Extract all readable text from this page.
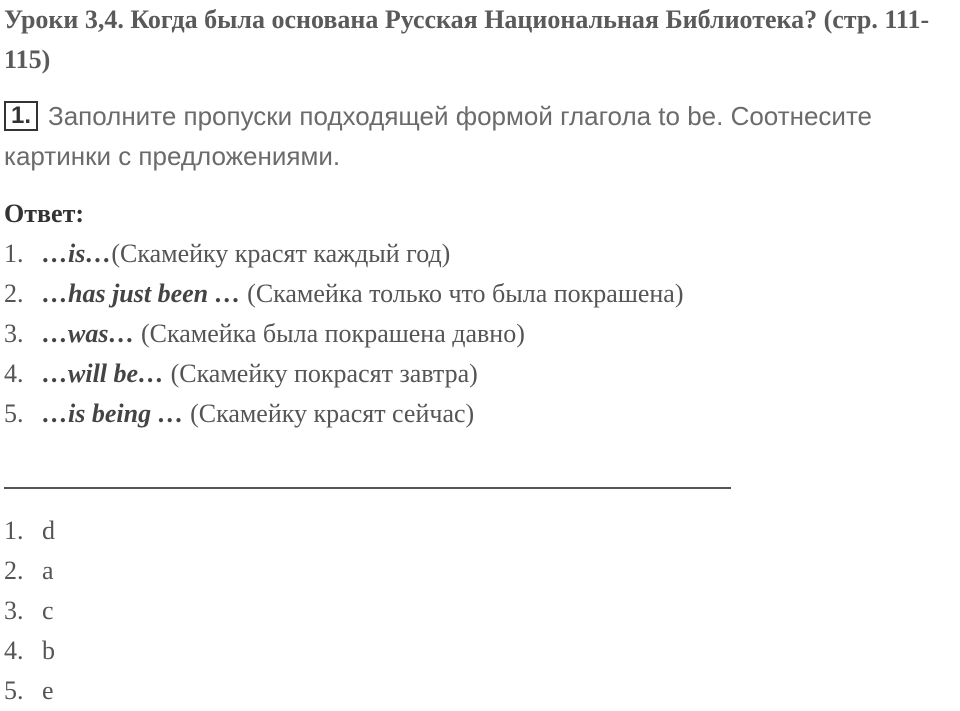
Уроки 3,4. Когда была основана Русская Национальная Библиотека? (стр. 111-115)
1. Заполните пропуски подходящей формой глагола to be. Соотнесите картинки с предложениями.
Ответ:
1. …is…(Скамейку красят каждый год)
2. …has just been … (Скамейка только что была покрашена)
3. …was… (Скамейка была покрашена давно)
4. …will be… (Скамейку покрасят завтра)
5. …is being … (Скамейку красят сейчас)
1. d
2. a
3. c
4. b
5. e
